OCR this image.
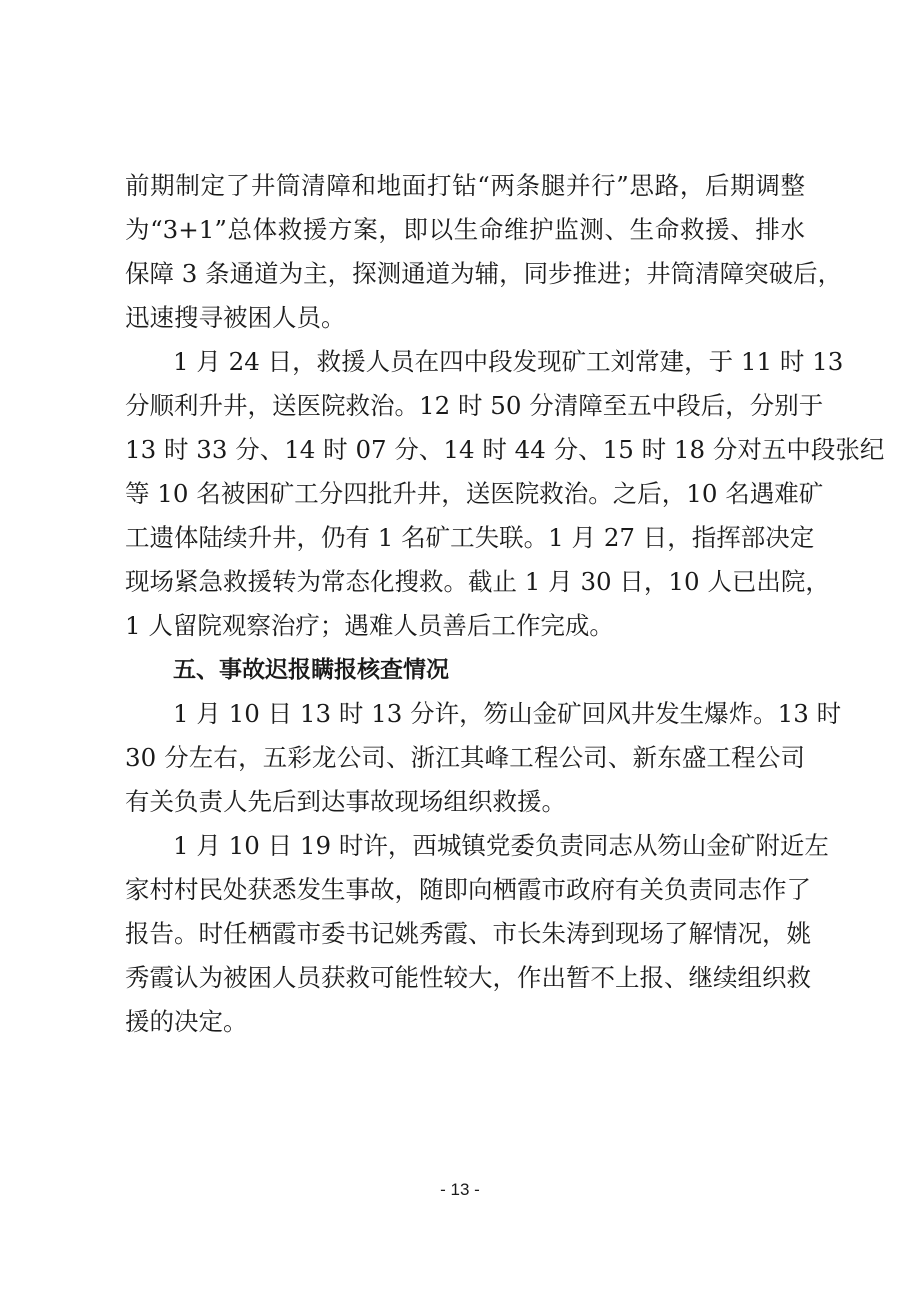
前期制定了井筒清障和地面打钻“两条腿并行”思路，后期调整
为“3+1”总体救援方案，即以生命维护监测、生命救援、排水
保障 3 条通道为主，探测通道为辅，同步推进；井筒清障突破后，
迅速搜寻被困人员。
1 月 24 日，救援人员在四中段发现矿工刘常建，于 11 时 13
分顺利升井，送医院救治。12 时 50 分清障至五中段后，分别于
13 时 33 分、14 时 07 分、14 时 44 分、15 时 18 分对五中段张纪
等 10 名被困矿工分四批升井，送医院救治。之后，10 名遇难矿
工遗体陆续升井，仍有 1 名矿工失联。1 月 27 日，指挥部决定
现场紧急救援转为常态化搜救。截止 1 月 30 日，10 人已出院，
1 人留院观察治疗；遇难人员善后工作完成。
五、事故迟报瞒报核查情况
1 月 10 日 13 时 13 分许，笏山金矿回风井发生爆炸。13 时
30 分左右，五彩龙公司、浙江其峰工程公司、新东盛工程公司
有关负责人先后到达事故现场组织救援。
1 月 10 日 19 时许，西城镇党委负责同志从笏山金矿附近左
家村村民处获悉发生事故，随即向栖霞市政府有关负责同志作了
报告。时任栖霞市委书记姚秀霞、市长朱涛到现场了解情况，姚
秀霞认为被困人员获救可能性较大，作出暂不上报、继续组织救
援的决定。
- 13 -
